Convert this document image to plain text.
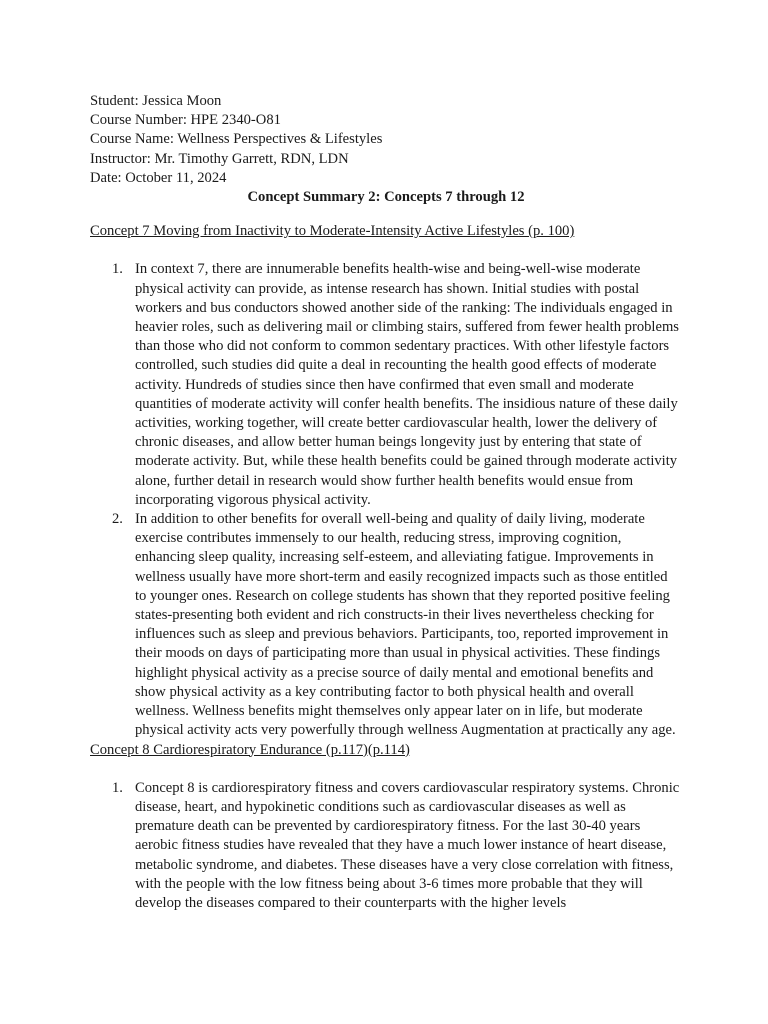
Student: Jessica Moon

Course Number: HPE 2340-O81

Course Name: Wellness Perspectives & Lifestyles

Instructor: Mr. Timothy Garrett, RDN, LDN

Date: October 11, 2024

Concept Summary 2: Concepts 7 through 12

Concept 7 Moving from Inactivity to Moderate-Intensity Active Lifestyles (p. 100)

1. In context 7, there are innumerable benefits health-wise and being-well-wise moderate physical activity can provide, as intense research has shown. Initial studies with postal workers and bus conductors showed another side of the ranking: The individuals engaged in heavier roles, such as delivering mail or climbing stairs, suffered from fewer health problems than those who did not conform to common sedentary practices. With other lifestyle factors controlled, such studies did quite a deal in recounting the health good effects of moderate activity. Hundreds of studies since then have confirmed that even small and moderate quantities of moderate activity will confer health benefits. The insidious nature of these daily activities, working together, will create better cardiovascular health, lower the delivery of chronic diseases, and allow better human beings longevity just by entering that state of moderate activity. But, while these health benefits could be gained through moderate activity alone, further detail in research would show further health benefits would ensue from incorporating vigorous physical activity.
2. In addition to other benefits for overall well-being and quality of daily living, moderate exercise contributes immensely to our health, reducing stress, improving cognition, enhancing sleep quality, increasing self-esteem, and alleviating fatigue. Improvements in wellness usually have more short-term and easily recognized impacts such as those entitled to younger ones. Research on college students has shown that they reported positive feeling states-presenting both evident and rich constructs-in their lives nevertheless checking for influences such as sleep and previous behaviors. Participants, too, reported improvement in their moods on days of participating more than usual in physical activities. These findings highlight physical activity as a precise source of daily mental and emotional benefits and show physical activity as a key contributing factor to both physical health and overall wellness. Wellness benefits might themselves only appear later on in life, but moderate physical activity acts very powerfully through wellness Augmentation at practically any age.

Concept 8 Cardiorespiratory Endurance (p.117)(p.114)

1. Concept 8 is cardiorespiratory fitness and covers cardiovascular respiratory systems. Chronic disease, heart, and hypokinetic conditions such as cardiovascular diseases as well as premature death can be prevented by cardiorespiratory fitness. For the last 30-40 years aerobic fitness studies have revealed that they have a much lower instance of heart disease, metabolic syndrome, and diabetes. These diseases have a very close correlation with fitness, with the people with the low fitness being about 3-6 times more probable that they will develop the diseases compared to their counterparts with the higher levels
